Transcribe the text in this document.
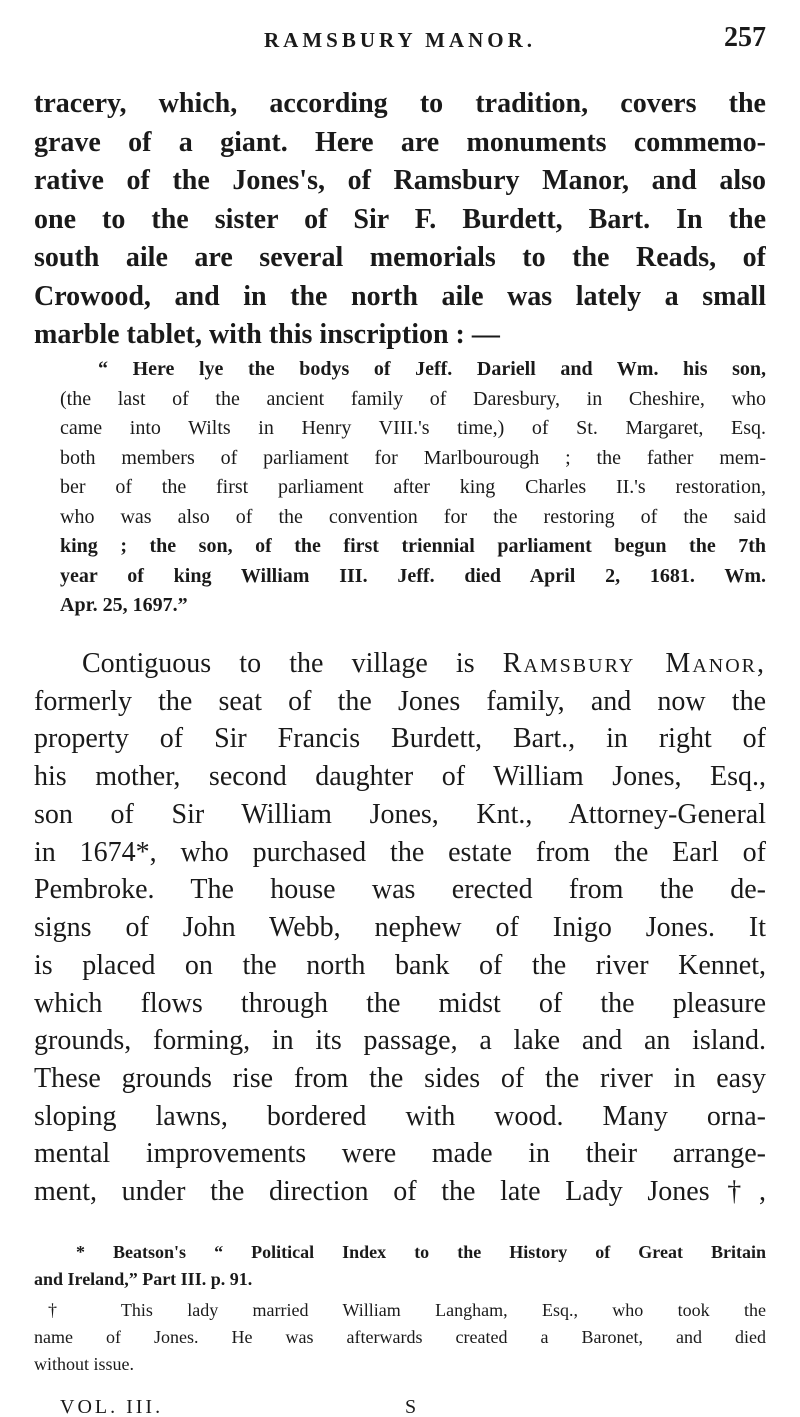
RAMSBURY MANOR.	257
tracery, which, according to tradition, covers the
grave of a giant. Here are monuments commemo-
rative of the Jones's, of Ramsbury Manor, and also
one to the sister of Sir F. Burdett, Bart. In the
south aile are several memorials to the Reads, of
Crowood, and in the north aile was lately a small
marble tablet, with this inscription : —
“ Here lye the bodys of Jeff. Dariell and Wm. his son,
(the last of the ancient family of Daresbury, in Cheshire, who
came into Wilts in Henry VIII.'s time,) of St. Margaret, Esq.
both members of parliament for Marlbourough ; the father mem-
ber of the first parliament after king Charles II.'s restoration,
who was also of the convention for the restoring of the said
king ; the son, of the first triennial parliament begun the 7th
year of king William III. Jeff. died April 2, 1681. Wm.
Apr. 25, 1697.”
Contiguous to the village is Ramsbury Manor,
formerly the seat of the Jones family, and now the
property of Sir Francis Burdett, Bart., in right of
his mother, second daughter of William Jones, Esq.,
son of Sir William Jones, Knt., Attorney-General
in 1674*, who purchased the estate from the Earl of
Pembroke. The house was erected from the de-
signs of John Webb, nephew of Inigo Jones. It
is placed on the north bank of the river Kennet,
which flows through the midst of the pleasure
grounds, forming, in its passage, a lake and an island.
These grounds rise from the sides of the river in easy
sloping lawns, bordered with wood. Many orna-
mental improvements were made in their arrange-
ment, under the direction of the late Lady Jones†,
* Beatson's “ Political Index to the History of Great Britain
and Ireland,” Part III. p. 91.
† This lady married William Langham, Esq., who took the
name of Jones. He was afterwards created a Baronet, and died
without issue.
VOL. III.	S
